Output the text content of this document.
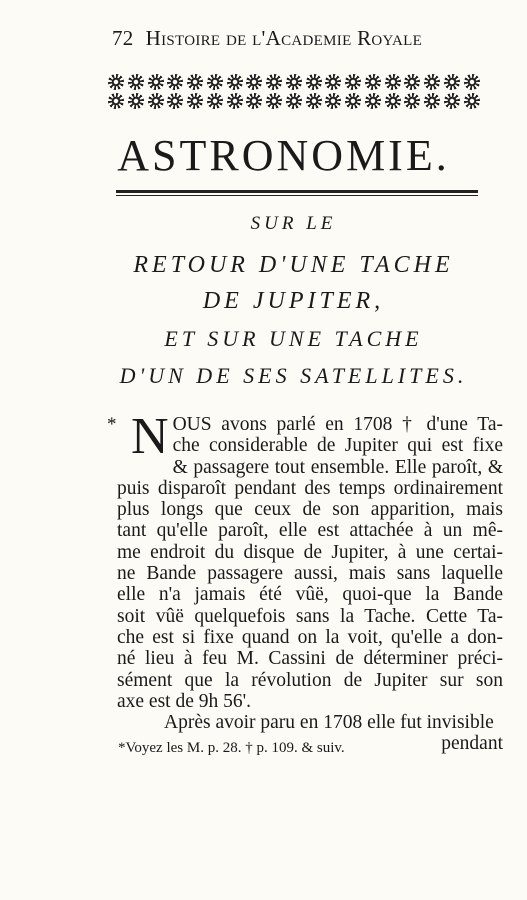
72 Histoire de l'Academie Royale
ASTRONOMIE.
SUR LE
RETOUR D'UNE TACHE
DE JUPITER,
ET SUR UNE TACHE
D'UN DE SES SATELLITES.
* N OUS avons parlé en 1708 † d'une Ta-
che considerable de Jupiter qui est fixe
& passagere tout ensemble. Elle paroît, &
puis disparoît pendant des temps ordinairement
plus longs que ceux de son apparition, mais
tant qu'elle paroît, elle est attachée à un mê-
me endroit du disque de Jupiter, à une certai-
ne Bande passagere aussi, mais sans laquelle
elle n'a jamais été vûë, quoi-que la Bande
soit vûë quelquefois sans la Tache. Cette Ta-
che est si fixe quand on la voit, qu'elle a don-
né lieu à feu M. Cassini de déterminer préci-
sément que la révolution de Jupiter sur son
axe est de 9h 56'.
Après avoir paru en 1708 elle fut invisible
pendant
*Voyez les M. p. 28. † p. 109. & suiv.
